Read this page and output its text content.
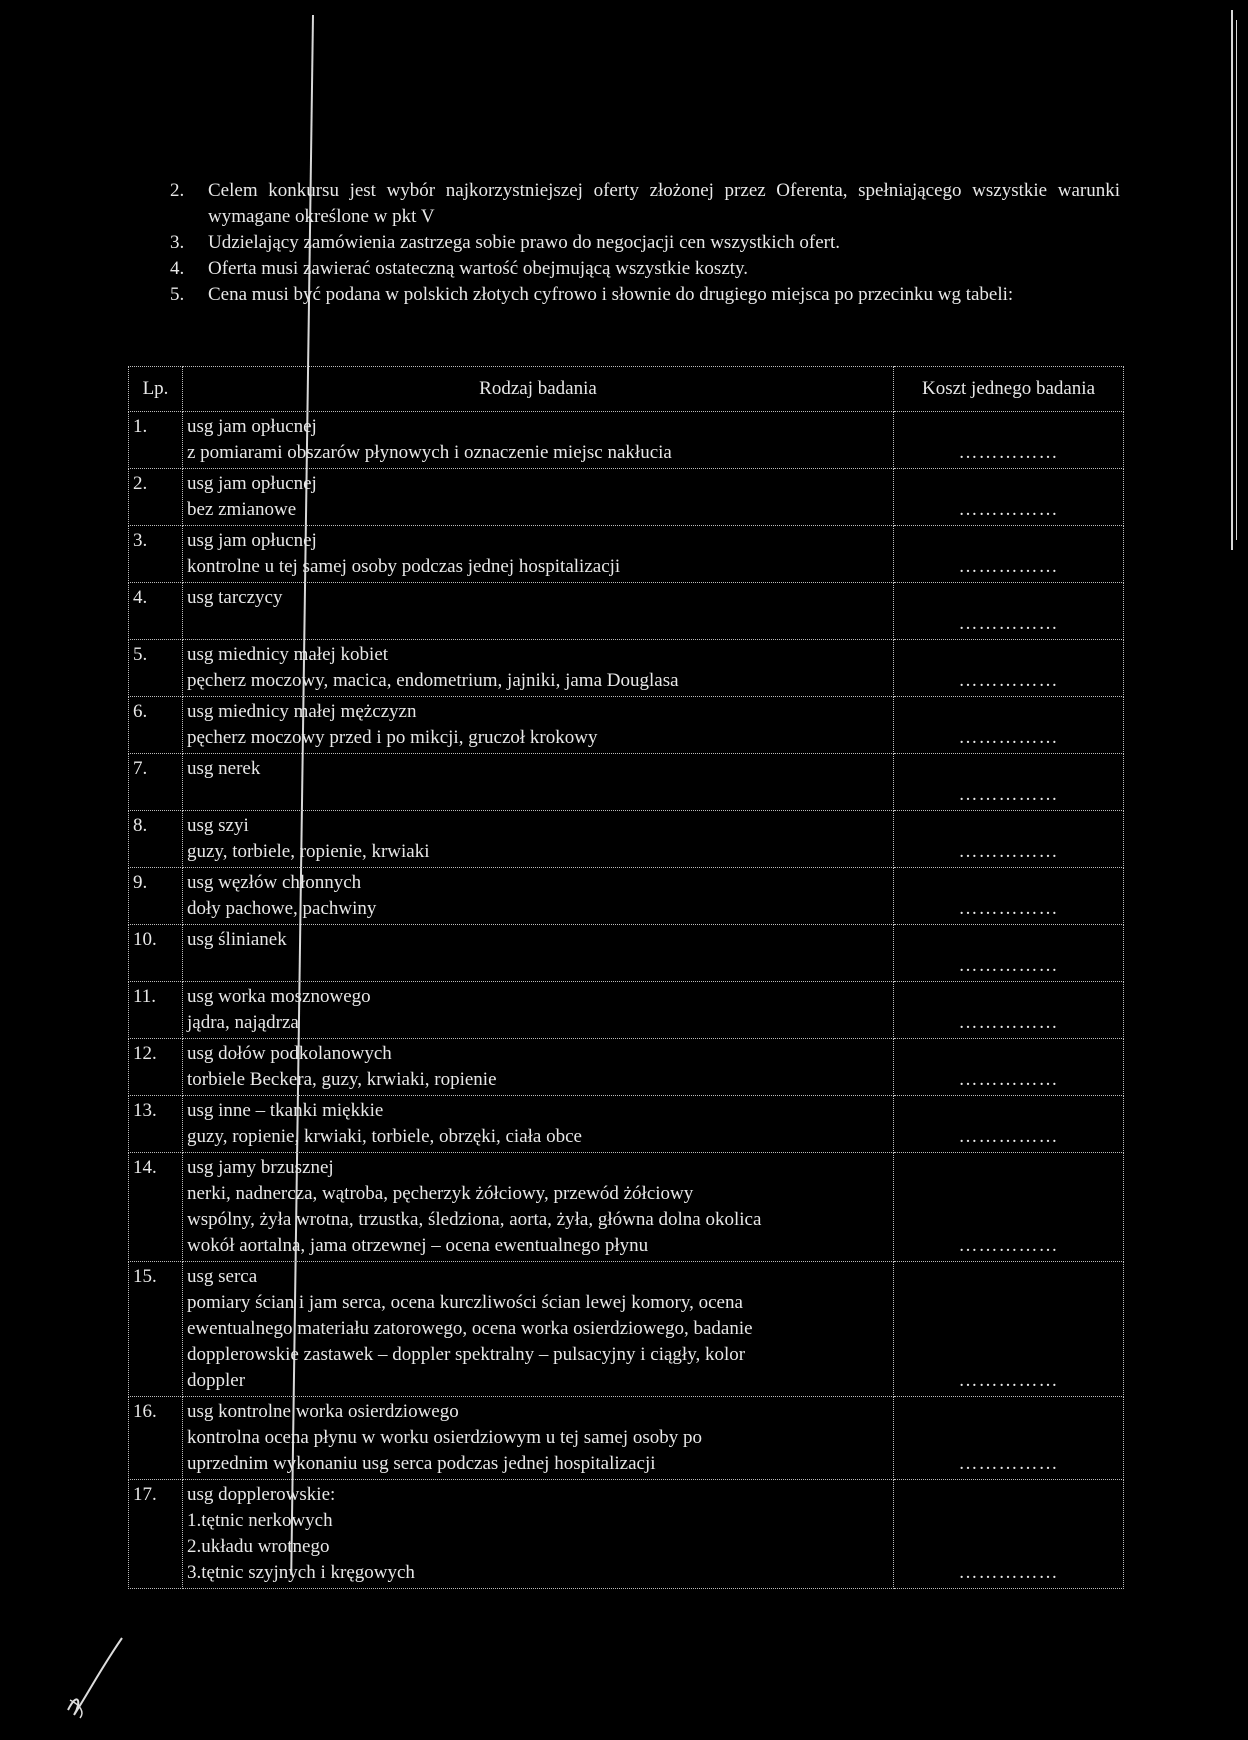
2.	Celem konkursu jest wybór najkorzystniejszej oferty złożonej przez Oferenta, spełniającego wszystkie warunki wymagane określone w pkt V
3.	Udzielający zamówienia zastrzega sobie prawo do negocjacji cen wszystkich ofert.
4.	Oferta musi zawierać ostateczną wartość obejmującą wszystkie koszty.
5.	Cena musi być podana w polskich złotych cyfrowo i słownie do drugiego miejsca po przecinku wg tabeli:
Lp.	Rodzaj badania	Koszt jednego badania
1.	usg jam opłucnej
z pomiarami obszarów płynowych i oznaczenie miejsc nakłucia	……………
2.	usg jam opłucnej
bez zmianowe	……………
3.	usg jam opłucnej
kontrolne u tej samej osoby podczas jednej hospitalizacji	……………
4.	usg tarczycy	……………
5.	usg miednicy małej kobiet
pęcherz moczowy, macica, endometrium, jajniki, jama Douglasa	……………
6.	usg miednicy małej mężczyzn
pęcherz moczowy przed i po mikcji, gruczoł krokowy	……………
7.	usg nerek	……………
8.	usg szyi
guzy, torbiele, ropienie, krwiaki	……………
9.	usg węzłów chłonnych
doły pachowe, pachwiny	……………
10.	usg ślinianek	……………
11.	usg worka mosznowego
jądra, najądrza	……………
12.	usg dołów podkolanowych
torbiele Beckera, guzy, krwiaki, ropienie	……………
13.	usg inne – tkanki miękkie
guzy, ropienie, krwiaki, torbiele, obrzęki, ciała obce	……………
14.	usg jamy brzusznej
nerki, nadnercza, wątroba, pęcherzyk żółciowy, przewód żółciowy
wspólny, żyła wrotna, trzustka, śledziona, aorta, żyła, główna dolna okolica
wokół aortalna, jama otrzewnej – ocena ewentualnego płynu	……………
15.	usg serca
pomiary ścian i jam serca, ocena kurczliwości ścian lewej komory, ocena
ewentualnego materiału zatorowego, ocena worka osierdziowego, badanie
dopplerowskie zastawek – doppler spektralny – pulsacyjny i ciągły, kolor
doppler	……………
16.	usg kontrolne worka osierdziowego
kontrolna ocena płynu w worku osierdziowym u tej samej osoby po
uprzednim wykonaniu usg serca podczas jednej hospitalizacji	……………
17.	usg dopplerowskie:
1.tętnic nerkowych
2.układu wrotnego
3.tętnic szyjnych i kręgowych	……………
